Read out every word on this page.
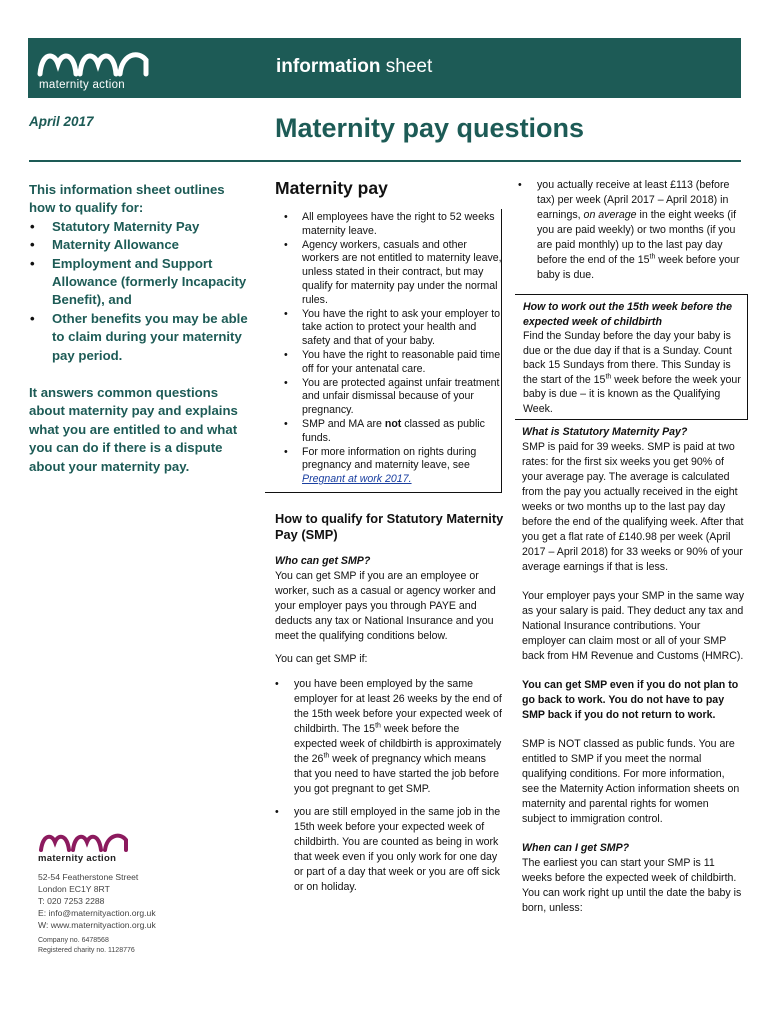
maternity action
information sheet
April 2017	Maternity pay questions

This information sheet outlines how to qualify for:

• Statutory Maternity Pay
• Maternity Allowance
• Employment and Support Allowance (formerly Incapacity Benefit), and
• Other benefits you may be able to claim during your maternity pay period.

It answers common questions about maternity pay and explains what you are entitled to and what you can do if there is a dispute about your maternity pay.

Maternity pay
• All employees have the right to 52 weeks maternity leave.
• Agency workers, casuals and other workers are not entitled to maternity leave, unless stated in their contract, but may qualify for maternity pay under the normal rules.
• You have the right to ask your employer to take action to protect your health and safety and that of your baby.
• You have the right to reasonable paid time off for your antenatal care.
• You are protected against unfair treatment and unfair dismissal because of your pregnancy.
• SMP and MA are not classed as public funds.
• For more information on rights during pregnancy and maternity leave, see Pregnant at work 2017.
How to qualify for Statutory Maternity Pay (SMP)
Who can get SMP?
You can get SMP if you are an employee or worker, such as a casual or agency worker and your employer pays you through PAYE and deducts any tax or National Insurance and you meet the qualifying conditions below.
You can get SMP if:
• you have been employed by the same employer for at least 26 weeks by the end of the 15th week before your expected week of childbirth. The 15th week before the expected week of childbirth is approximately the 26th week of pregnancy which means that you need to have started the job before you got pregnant to get SMP.
• you are still employed in the same job in the 15th week before your expected week of childbirth. You are counted as being in work that week even if you only work for one day or part of a day that week or you are off sick or on holiday.
• you actually receive at least £113 (before tax) per week (April 2017 – April 2018) in earnings, on average in the eight weeks (if you are paid weekly) or two months (if you are paid monthly) up to the last pay day before the end of the 15th week before your baby is due.
How to work out the 15th week before the expected week of childbirth
Find the Sunday before the day your baby is due or the due day if that is a Sunday. Count back 15 Sundays from there. This Sunday is the start of the 15th week before the week your baby is due – it is known as the Qualifying Week.
What is Statutory Maternity Pay?
SMP is paid for 39 weeks. SMP is paid at two rates: for the first six weeks you get 90% of your average pay. The average is calculated from the pay you actually received in the eight weeks or two months up to the last pay day before the end of the qualifying week. After that you get a flat rate of £140.98 per week (April 2017 – April 2018) for 33 weeks or 90% of your average earnings if that is less.
Your employer pays your SMP in the same way as your salary is paid. They deduct any tax and National Insurance contributions. Your employer can claim most or all of your SMP back from HM Revenue and Customs (HMRC).
You can get SMP even if you do not plan to go back to work. You do not have to pay SMP back if you do not return to work.
SMP is NOT classed as public funds. You are entitled to SMP if you meet the normal qualifying conditions. For more information, see the Maternity Action information sheets on maternity and parental rights for women subject to immigration control.
When can I get SMP?
The earliest you can start your SMP is 11 weeks before the expected week of childbirth. You can work right up until the date the baby is born, unless:
maternity action
52-54 Featherstone Street
London EC1Y 8RT
T: 020 7253 2288
E: info@maternityaction.org.uk
W: www.maternityaction.org.uk
Company no. 6478568
Registered charity no. 1128776
